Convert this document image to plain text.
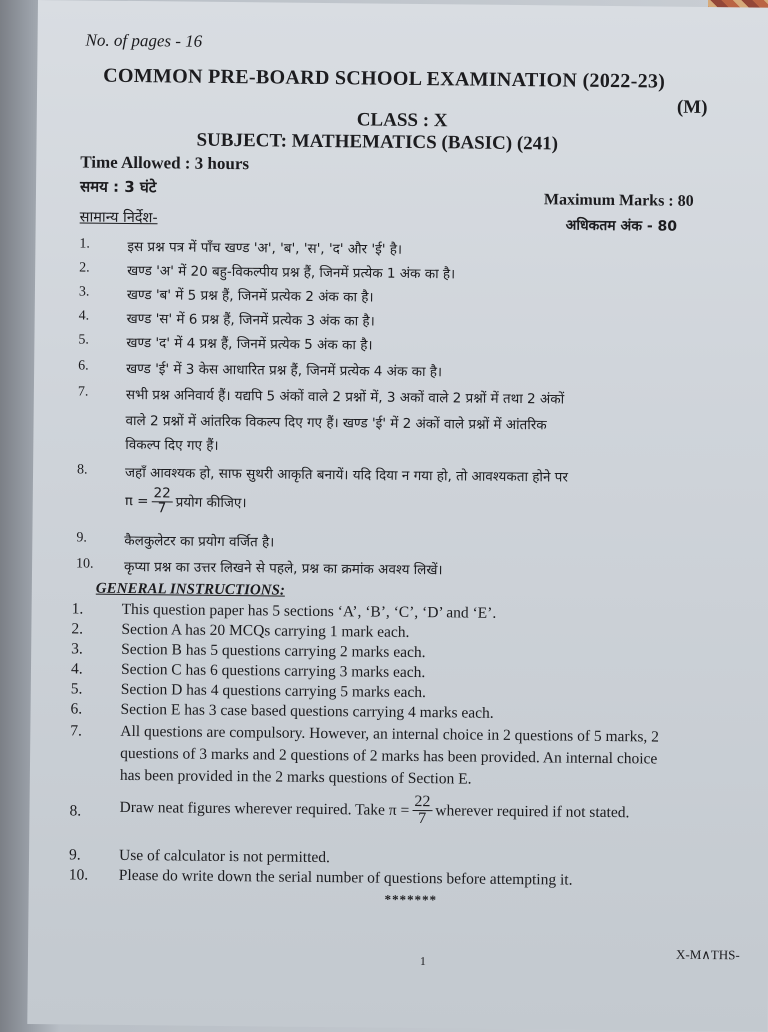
No. of pages - 16
(M)
COMMON PRE-BOARD SCHOOL EXAMINATION (2022-23)
CLASS : X
SUBJECT: MATHEMATICS (BASIC) (241)
Time Allowed : 3 hours
समय : 3 घंटे
Maximum Marks : 80
अधिकतम अंक - 80
सामान्य निर्देश-
1.	इस प्रश्न पत्र में पाँच खण्ड 'अ', 'ब', 'स', 'द' और 'ई' है।
2.	खण्ड 'अ' में 20 बहु-विकल्पीय प्रश्न हैं, जिनमें प्रत्येक 1 अंक का है।
3.	खण्ड 'ब' में 5 प्रश्न हैं, जिनमें प्रत्येक 2 अंक का है।
4.	खण्ड 'स' में 6 प्रश्न हैं, जिनमें प्रत्येक 3 अंक का है।
5.	खण्ड 'द' में 4 प्रश्न हैं, जिनमें प्रत्येक 5 अंक का है।
6.	खण्ड 'ई' में 3 केस आधारित प्रश्न हैं, जिनमें प्रत्येक 4 अंक का है।
7.	सभी प्रश्न अनिवार्य हैं। यद्यपि 5 अंकों वाले 2 प्रश्नों में, 3 अकों वाले 2 प्रश्नों में तथा 2 अंकों
वाले 2 प्रश्नों में आंतरिक विकल्प दिए गए हैं। खण्ड 'ई' में 2 अंकों वाले प्रश्नों में आंतरिक
विकल्प दिए गए हैं।
8.	जहाँ आवश्यक हो, साफ सुथरी आकृति बनायें। यदि दिया न गया हो, तो आवश्यकता होने पर
$\pi = \frac{22}{7}$ प्रयोग कीजिए।
9.	कैलकुलेटर का प्रयोग वर्जित है।
10.	कृप्या प्रश्न का उत्तर लिखने से पहले, प्रश्न का क्रमांक अवश्य लिखें।
GENERAL INSTRUCTIONS:
1.	This question paper has 5 sections ‘A’, ‘B’, ‘C’, ‘D’ and ‘E’.
2.	Section A has 20 MCQs carrying 1 mark each.
3.	Section B has 5 questions carrying 2 marks each.
4.	Section C has 6 questions carrying 3 marks each.
5.	Section D has 4 questions carrying 5 marks each.
6.	Section E has 3 case based questions carrying 4 marks each.
7.	All questions are compulsory. However, an internal choice in 2 questions of 5 marks, 2
questions of 3 marks and 2 questions of 2 marks has been provided. An internal choice
has been provided in the 2 marks questions of Section E.
8.	Draw neat figures wherever required. Take $\pi = \frac{22}{7}$ wherever required if not stated.
9.	Use of calculator is not permitted.
10.	Please do write down the serial number of questions before attempting it.
*******
1	X-M∧THS-
